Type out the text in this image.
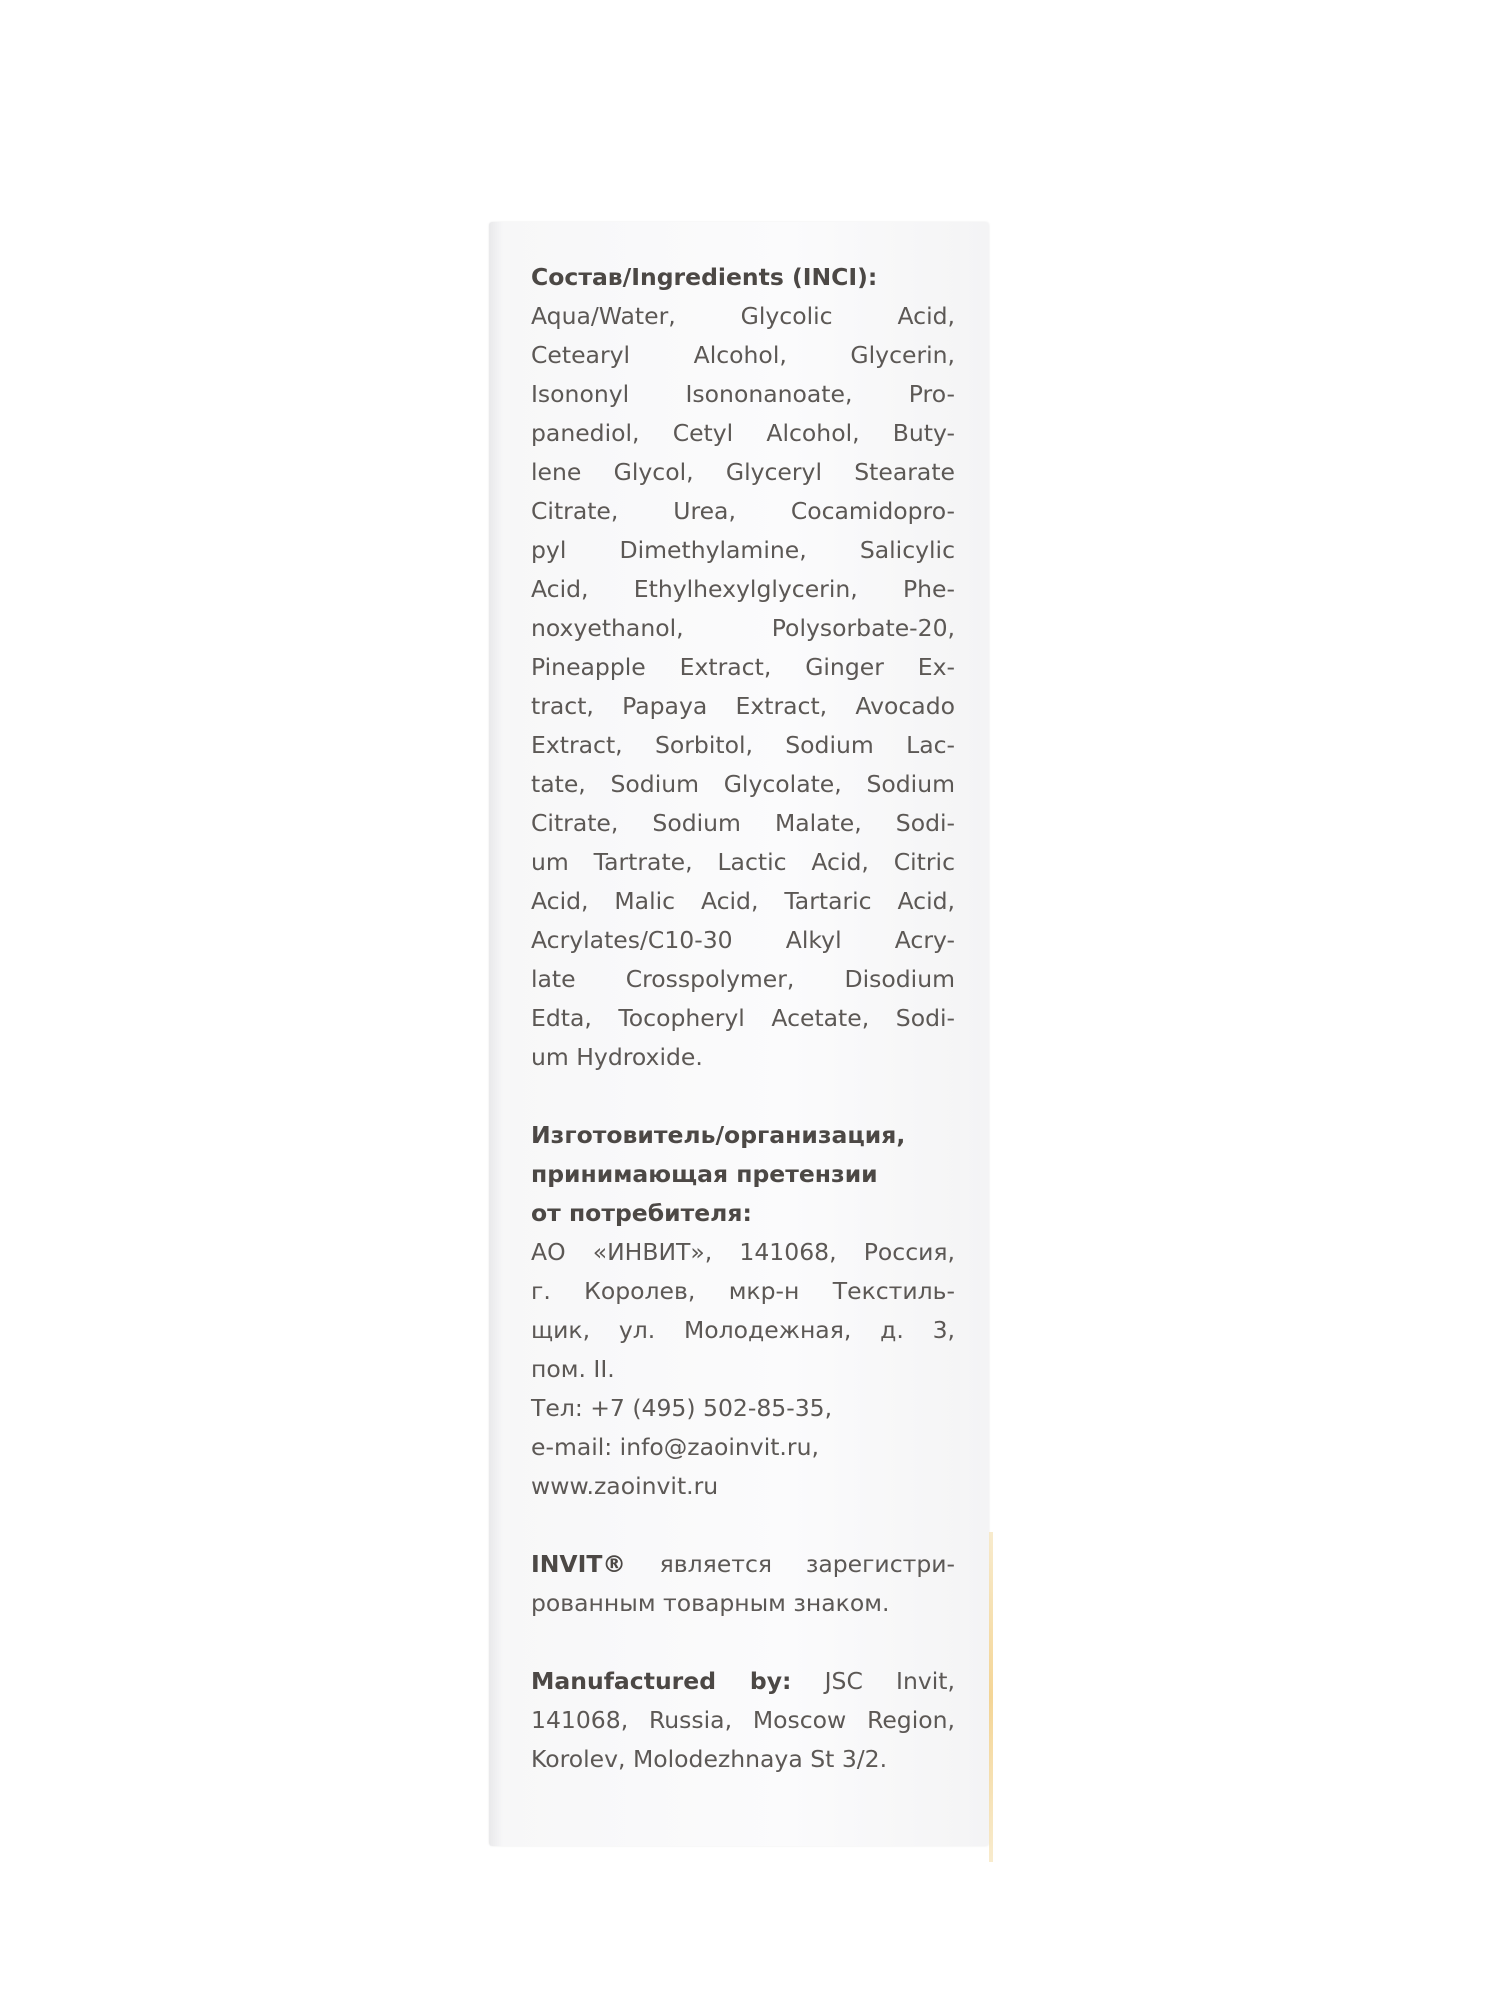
Состав/Ingredients (INCI):
Aqua/Water, Glycolic Acid,
Cetearyl Alcohol, Glycerin,
Isononyl Isononanoate, Pro-
panediol, Cetyl Alcohol, Buty-
lene Glycol, Glyceryl Stearate
Citrate, Urea, Cocamidopro-
pyl Dimethylamine, Salicylic
Acid, Ethylhexylglycerin, Phe-
noxyethanol, Polysorbate-20,
Pineapple Extract, Ginger Ex-
tract, Papaya Extract, Avocado
Extract, Sorbitol, Sodium Lac-
tate, Sodium Glycolate, Sodium
Citrate, Sodium Malate, Sodi-
um Tartrate, Lactic Acid, Citric
Acid, Malic Acid, Tartaric Acid,
Acrylates/C10-30 Alkyl Acry-
late Crosspolymer, Disodium
Edta, Tocopheryl Acetate, Sodi-
um Hydroxide.
Изготовитель/организация,
принимающая претензии
от потребителя:
АО «ИНВИТ», 141068, Россия,
г. Королев, мкр-н Текстиль-
щик, ул. Молодежная, д. 3,
пом. II.
Тел: +7 (495) 502-85-35,
e-mail: info@zaoinvit.ru,
www.zaoinvit.ru
INVIT® является зарегистри-
рованным товарным знаком.
Manufactured by: JSC Invit,
141068, Russia, Moscow Region,
Korolev, Molodezhnaya St 3/2.
